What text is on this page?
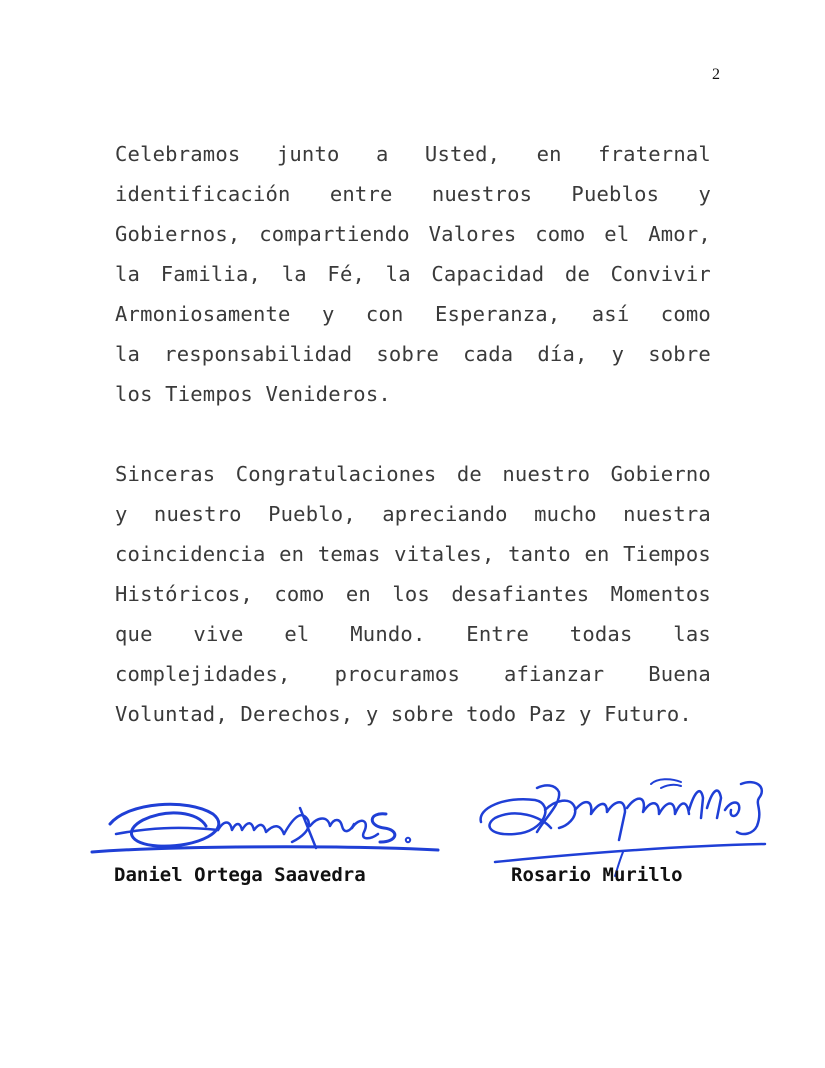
2
Celebramos junto a Usted, en fraternal
identificación entre nuestros Pueblos y
Gobiernos, compartiendo Valores como el Amor,
la Familia, la Fé, la Capacidad de Convivir
Armoniosamente y con Esperanza, así como
la responsabilidad sobre cada día, y sobre
los Tiempos Venideros.
Sinceras Congratulaciones de nuestro Gobierno
y nuestro Pueblo, apreciando mucho nuestra
coincidencia en temas vitales, tanto en Tiempos
Históricos, como en los desafiantes Momentos
que vive el Mundo. Entre todas las
complejidades, procuramos afianzar Buena
Voluntad, Derechos, y sobre todo Paz y Futuro.
Daniel Ortega Saavedra	Rosario Murillo
